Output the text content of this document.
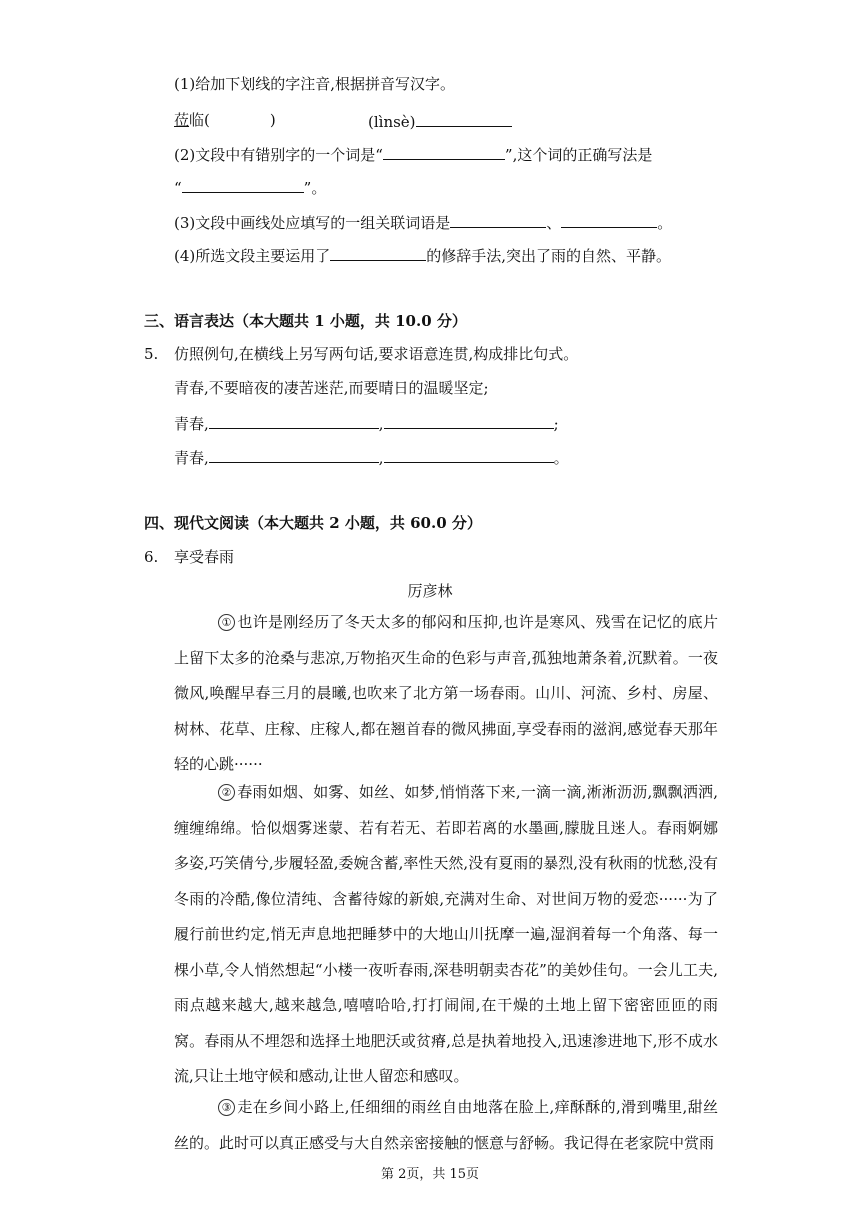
(1)给加下划线的字注音,根据拼音写汉字。
莅临(	)	(lìnsè)
(2)文段中有错别字的一个词是“	”,这个词的正确写法是
“	”。
(3)文段中画线处应填写的一组关联词语是	、	。
(4)所选文段主要运用了	的修辞手法,突出了雨的自然、平静。
三、语言表达（本大题共 1 小题，共 10.0 分）
5. 仿照例句,在横线上另写两句话,要求语意连贯,构成排比句式。
青春,不要暗夜的凄苦迷茫,而要晴日的温暖坚定;
青春,	,	;
青春,	,	。
四、现代文阅读（本大题共 2 小题，共 60.0 分）
6. 享受春雨
厉彦林
① 也许是刚经历了冬天太多的郁闷和压抑,也许是寒风、残雪在记忆的底片上留下太多的沧桑与悲凉,万物掐灭生命的色彩与声音,孤独地萧条着,沉默着。一夜微风,唤醒早春三月的晨曦,也吹来了北方第一场春雨。山川、河流、乡村、房屋、树林、花草、庄稼、庄稼人,都在翘首春的微风拂面,享受春雨的滋润,感觉春天那年轻的心跳······
② 春雨如烟、如雾、如丝、如梦,悄悄落下来,一滴一滴,淅淅沥沥,飘飘洒洒,缠缠绵绵。恰似烟雾迷蒙、若有若无、若即若离的水墨画,朦胧且迷人。春雨婀娜多姿,巧笑倩兮,步履轻盈,委婉含蓄,率性天然,没有夏雨的暴烈,没有秋雨的忧愁,没有冬雨的冷酷,像位清纯、含蓄待嫁的新娘,充满对生命、对世间万物的爱恋······为了履行前世约定,悄无声息地把睡梦中的大地山川抚摩一遍,湿润着每一个角落、每一棵小草,令人悄然想起“小楼一夜听春雨,深巷明朝卖杏花”的美妙佳句。一会儿工夫,雨点越来越大,越来越急,嘻嘻哈哈,打打闹闹,在干燥的土地上留下密密匝匝的雨窝。春雨从不埋怨和选择土地肥沃或贫瘠,总是执着地投入,迅速渗进地下,形不成水流,只让土地守候和感动,让世人留恋和感叹。
③ 走在乡间小路上,任细细的雨丝自由地落在脸上,痒酥酥的,滑到嘴里,甜丝丝的。此时可以真正感受与大自然亲密接触的惬意与舒畅。我记得在老家院中赏雨
第 2页，共 15页
